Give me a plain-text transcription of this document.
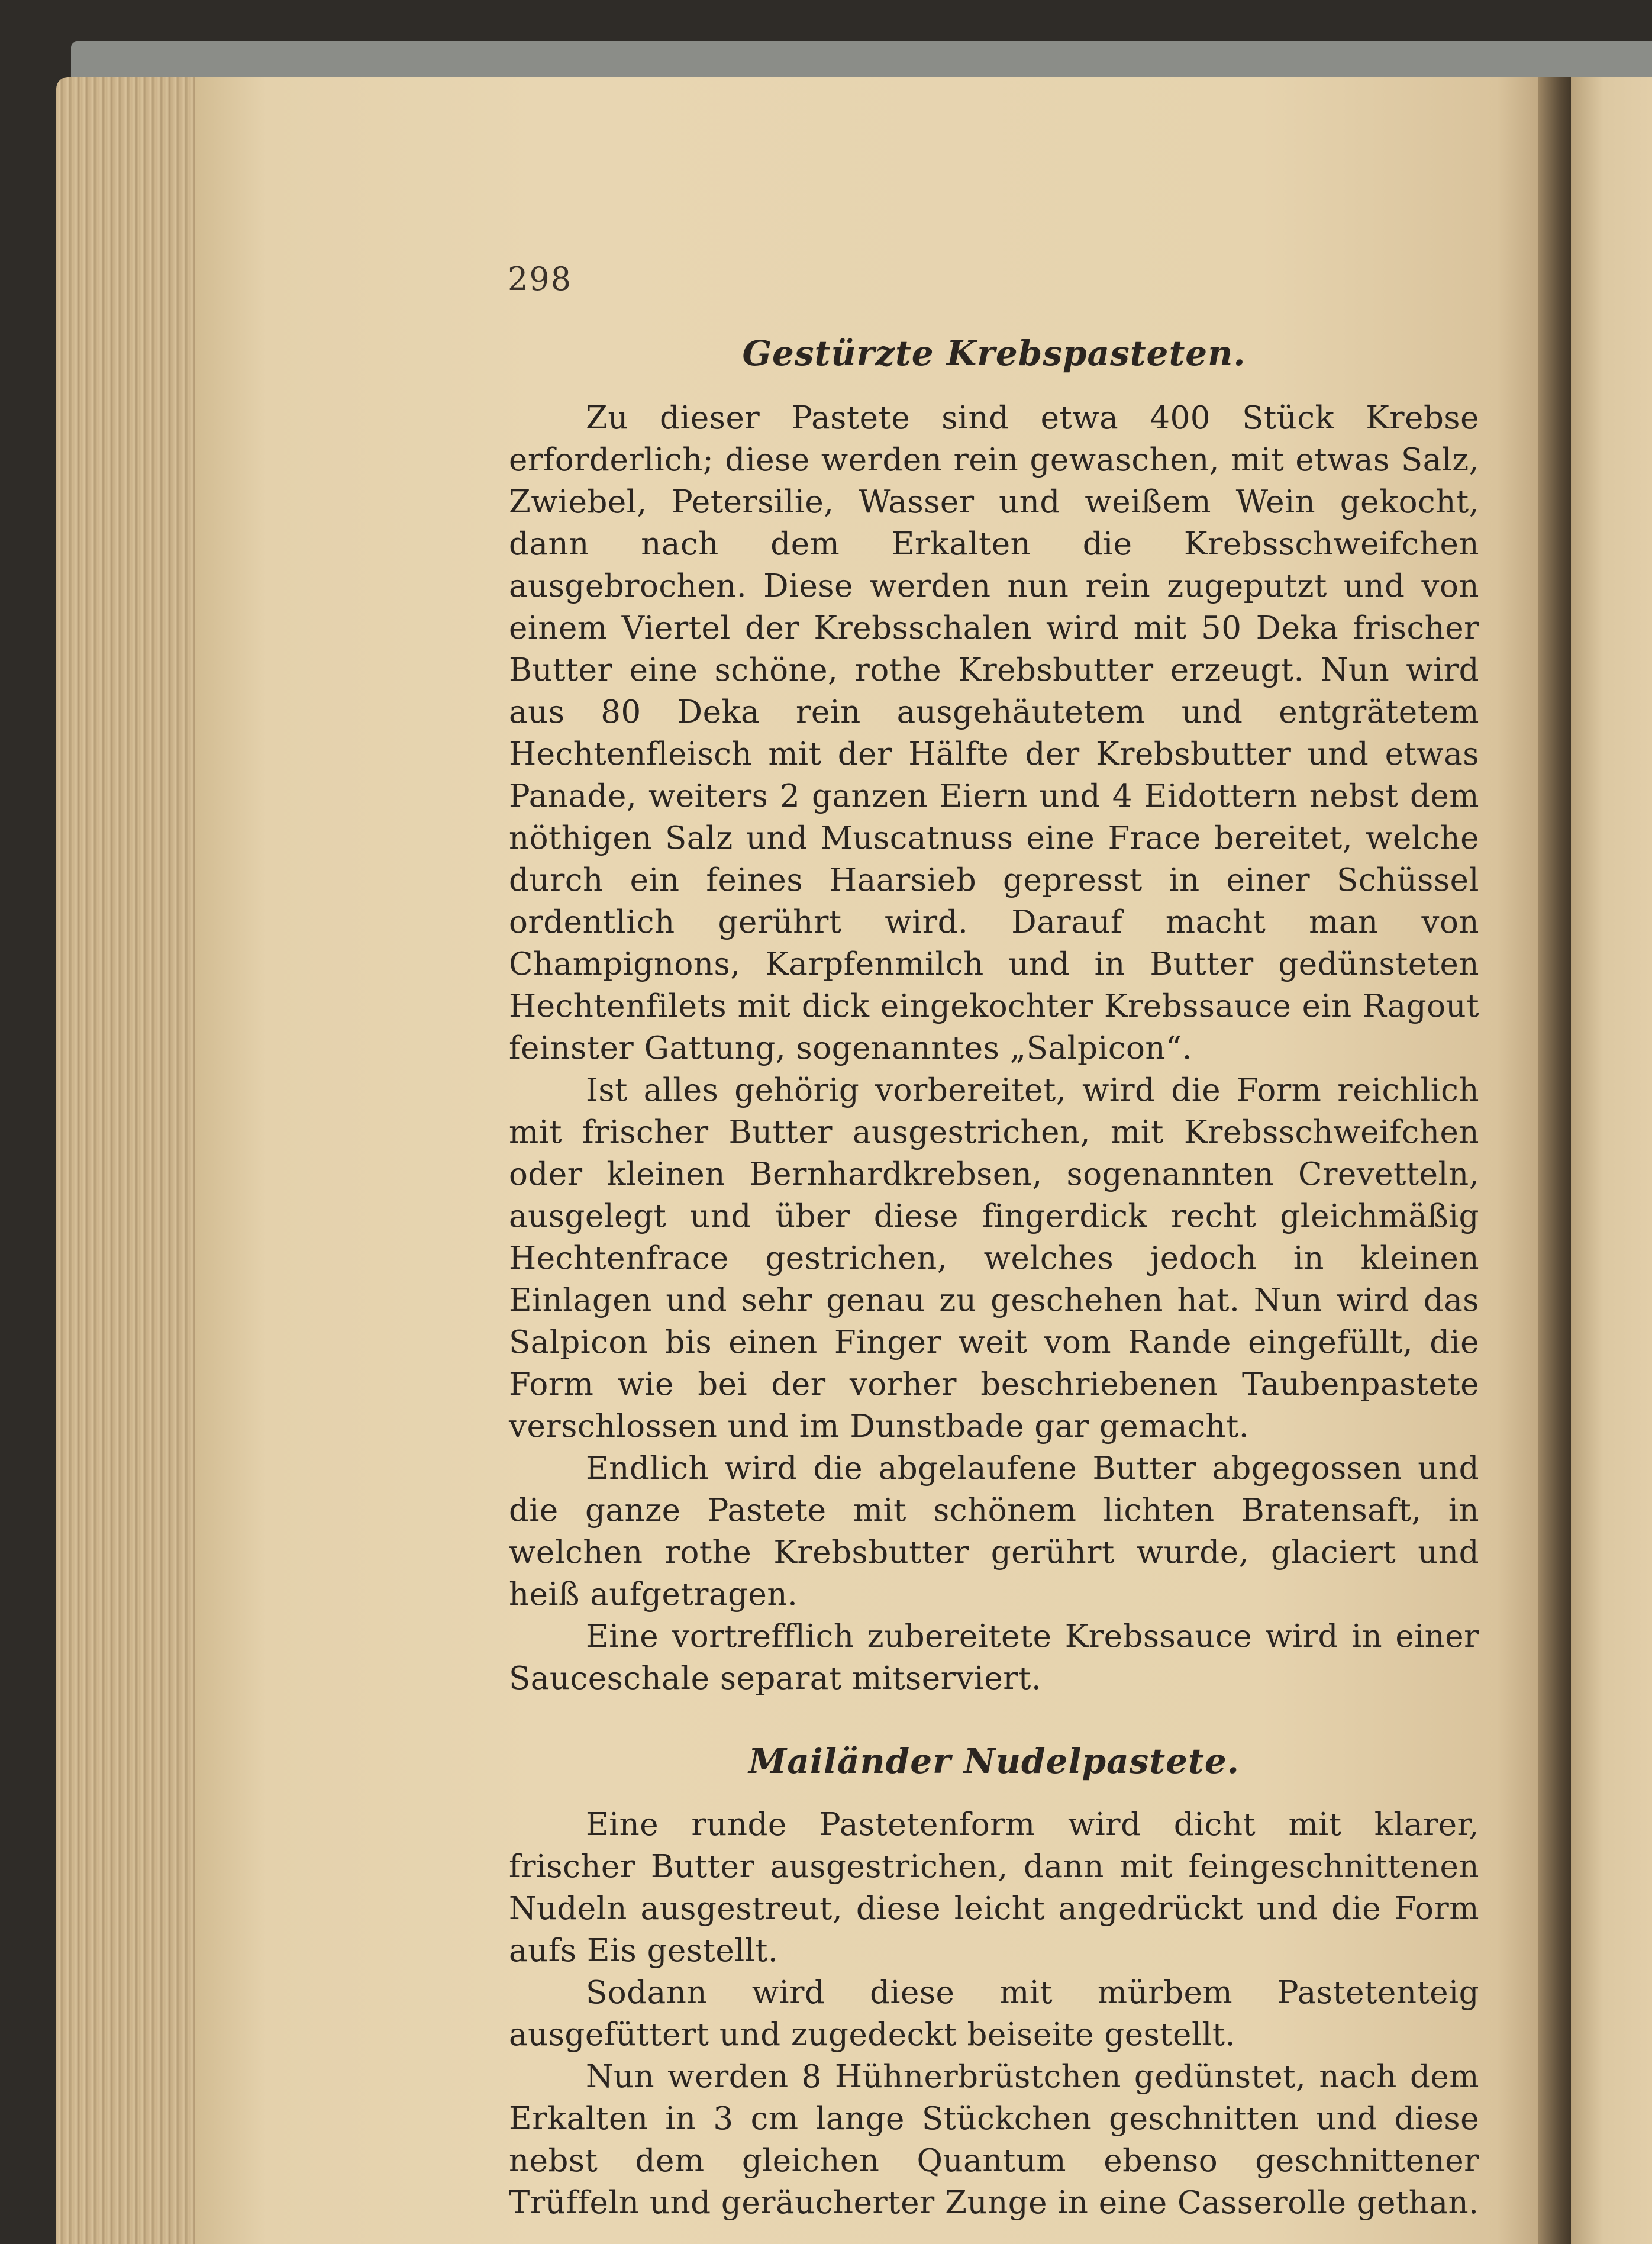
298
Gestürzte Krebspasteten.

Zu dieser Pastete sind etwa 400 Stück Krebse erforderlich; diese werden rein gewaschen, mit etwas Salz, Zwiebel, Petersilie, Wasser und weißem Wein gekocht, dann nach dem Erkalten die Krebsschweifchen ausgebrochen. Diese werden nun rein zugeputzt und von einem Viertel der Krebsschalen wird mit 50 Deka frischer Butter eine schöne, rothe Krebsbutter erzeugt. Nun wird aus 80 Deka rein ausgehäutetem und entgrätetem Hechtenfleisch mit der Hälfte der Krebsbutter und etwas Panade, weiters 2 ganzen Eiern und 4 Eidottern nebst dem nöthigen Salz und Muscatnuss eine Frace bereitet, welche durch ein feines Haarsieb gepresst in einer Schüssel ordentlich gerührt wird. Darauf macht man von Champignons, Karpfenmilch und in Butter gedünsteten Hechtenfilets mit dick eingekochter Krebssauce ein Ragout feinster Gattung, sogenanntes „Salpicon“.

Ist alles gehörig vorbereitet, wird die Form reichlich mit frischer Butter ausgestrichen, mit Krebsschweifchen oder kleinen Bernhardkrebsen, sogenannten Crevetteln, ausgelegt und über diese fingerdick recht gleichmäßig Hechtenfrace gestrichen, welches jedoch in kleinen Einlagen und sehr genau zu geschehen hat. Nun wird das Salpicon bis einen Finger weit vom Rande eingefüllt, die Form wie bei der vorher beschriebenen Taubenpastete verschlossen und im Dunstbade gar gemacht.

Endlich wird die abgelaufene Butter abgegossen und die ganze Pastete mit schönem lichten Bratensaft, in welchen rothe Krebsbutter gerührt wurde, glaciert und heiß aufgetragen.

Eine vortrefflich zubereitete Krebssauce wird in einer Sauceschale separat mitserviert.

Mailänder Nudelpastete.

Eine runde Pastetenform wird dicht mit klarer, frischer Butter ausgestrichen, dann mit feingeschnittenen Nudeln ausgestreut, diese leicht angedrückt und die Form aufs Eis gestellt.

Sodann wird diese mit mürbem Pastetenteig ausgefüttert und zugedeckt beiseite gestellt.

Nun werden 8 Hühnerbrüstchen gedünstet, nach dem Erkalten in 3 cm lange Stückchen geschnitten und diese nebst dem gleichen Quantum ebenso geschnittener Trüffeln und geräucherter Zunge in eine Casserolle gethan.
